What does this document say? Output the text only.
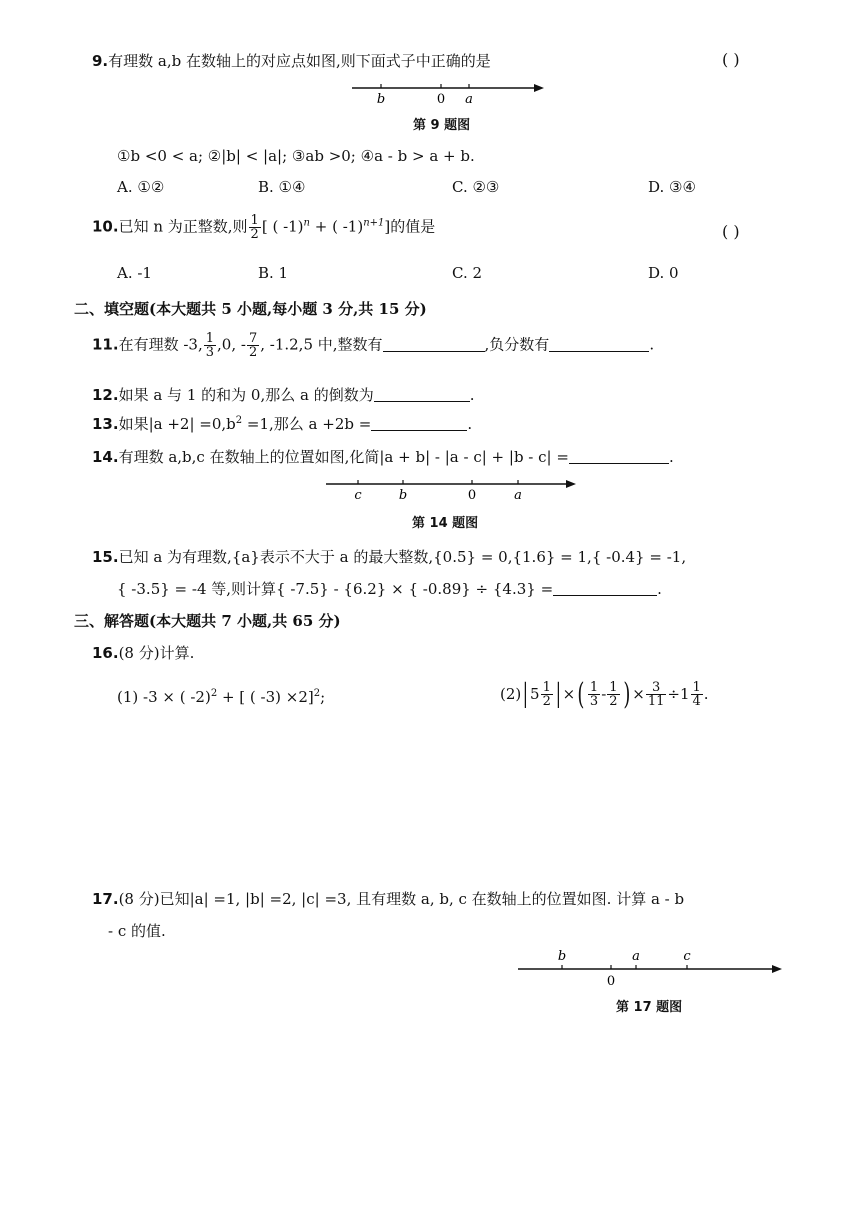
9.有理数 a,b 在数轴上的对应点如图,则下面式子中正确的是	( )
b	0 a
第 9 题图
①b <0 < a; ②|b| < |a|; ③ab >0; ④a - b > a + b.
A. ①②	B. ①④	C. ②③	D. ③④
10.已知 n 为正整数,则 $\frac{1}{2}$ [ ( -1)$^n$ + ( -1)$^{n+1}$]的值是	( )
A. -1	B. 1	C. 2	D. 0
二、填空题(本大题共 5 小题,每小题 3 分,共 15 分)
11.在有理数 -3, $\frac{1}{3} ,0$, - $\frac{7}{2}$ , -1.2,5 中,整数有	,负分数有	.
12.如果 a 与 1 的和为 0,那么 a 的倒数为	.
13.如果$|a +2| =0,b^2 =1$,那么 a +2b =	.
14.有理数 a,b,c 在数轴上的位置如图,化简|a + b| - |a - c| + |b - c| =	.
c	b	0	a
第 14 题图
15.已知 a 为有理数,{a}表示不大于 a 的最大整数,{0.5} = 0,{1.6} = 1,{ -0.4} = -1,
{ -3.5} = -4 等,则计算{ -7.5} - {6.2} × { -0.89} ÷ {4.3} =	.
三、解答题(本大题共 7 小题,共 65 分)
16.(8 分)计算.
(1) -3 × ( -2)$^2$ + [ ( -3) ×2]$^2$;	(2) | $5 \frac{1}{2}$ | × ( $\frac{1}{3} - \frac{1}{2}$ ) × $\frac{3}{11} \div 1 \frac{1}{4}$ .
17.(8 分)已知|a| =1, |b| =2, |c| =3, 且有理数 a, b, c 在数轴上的位置如图. 计算 a - b
- c 的值.
b	a	c
0
第 17 题图
